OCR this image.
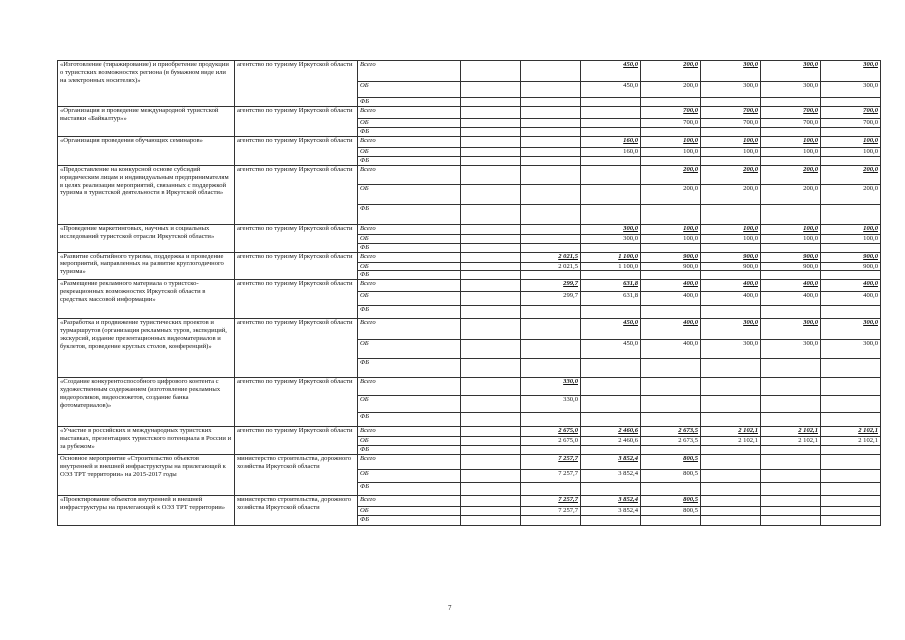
«Изготовление (тиражирование) и приобретение продукции о туристских возможностях региона (в бумажном виде или на электронных носителях)»	агентство по туризму Иркутской области	Всего			450,0	200,0	300,0	300,0	300,0
		ОБ			450,0	200,0	300,0	300,0	300,0
		ФБ							
«Организация и проведение международной туристской выставки «Байкалтур»»	агентство по туризму Иркутской области	Всего				700,0	700,0	700,0	700,0
		ОБ				700,0	700,0	700,0	700,0
		ФБ							
«Организация проведения обучающих семинаров»	агентство по туризму Иркутской области	Всего			160,0	100,0	100,0	100,0	100,0
		ОБ			160,0	100,0	100,0	100,0	100,0
		ФБ							
«Предоставление на конкурсной основе субсидий юридическим лицам и индивидуальным предпринимателям в целях реализации мероприятий, связанных с поддержкой туризма в туристской деятельности в Иркутской области»	агентство по туризму Иркутской области	Всего				200,0	200,0	200,0	200,0
		ОБ				200,0	200,0	200,0	200,0
		ФБ							
«Проведение маркетинговых, научных и социальных исследований туристской отрасли Иркутской области»	агентство по туризму Иркутской области	Всего			300,0	100,0	100,0	100,0	100,0
		ОБ			300,0	100,0	100,0	100,0	100,0
		ФБ							
«Развитие событийного туризма, поддержка и проведение мероприятий, направленных на развитие круглогодичного туризма»	агентство по туризму Иркутской области	Всего		2 021,5	1 100,0	900,0	900,0	900,0	900,0
		ОБ		2 021,5	1 100,0	900,0	900,0	900,0	900,0
		ФБ							
«Размещение рекламного материала о туристско-рекреационных возможностях Иркутской области в средствах массовой информации»	агентство по туризму Иркутской области	Всего		299,7	631,8	400,0	400,0	400,0	400,0
		ОБ		299,7	631,8	400,0	400,0	400,0	400,0
		ФБ							
«Разработка и продвижение туристических проектов и турмаршрутов (организация рекламных туров, экспедиций, экскурсий, издание презентационных видеоматериалов и буклетов, проведение круглых столов, конференций)»	агентство по туризму Иркутской области	Всего			450,0	400,0	300,0	300,0	300,0
		ОБ			450,0	400,0	300,0	300,0	300,0
		ФБ							
«Создание конкурентоспособного цифрового контента с художественным содержанием (изготовление рекламных видеороликов, видеосюжетов, создание банка фотоматериалов)»	агентство по туризму Иркутской области	Всего		330,0					
		ОБ		330,0					
		ФБ							
«Участие в российских и международных туристских выставках, презентациях туристского потенциала в России и за рубежом»	агентство по туризму Иркутской области	Всего		2 675,0	2 460,6	2 673,5	2 102,1	2 102,1	2 102,1
		ОБ		2 675,0	2 460,6	2 673,5	2 102,1	2 102,1	2 102,1
		ФБ							
Основное мероприятие «Строительство объектов внутренней и внешней инфраструктуры на прилегающей к ОЭЗ ТРТ территории» на 2015-2017 годы	министерство строительства, дорожного хозяйства Иркутской области	Всего		7 257,7	3 852,4	800,5			
		ОБ		7 257,7	3 852,4	800,5			
		ФБ							
«Проектирование объектов внутренней и внешней инфраструктуры на прилегающей к ОЭЗ ТРТ территории»	министерство строительства, дорожного хозяйства Иркутской области	Всего		7 257,7	3 852,4	800,5			
		ОБ		7 257,7	3 852,4	800,5			
		ФБ							
7
